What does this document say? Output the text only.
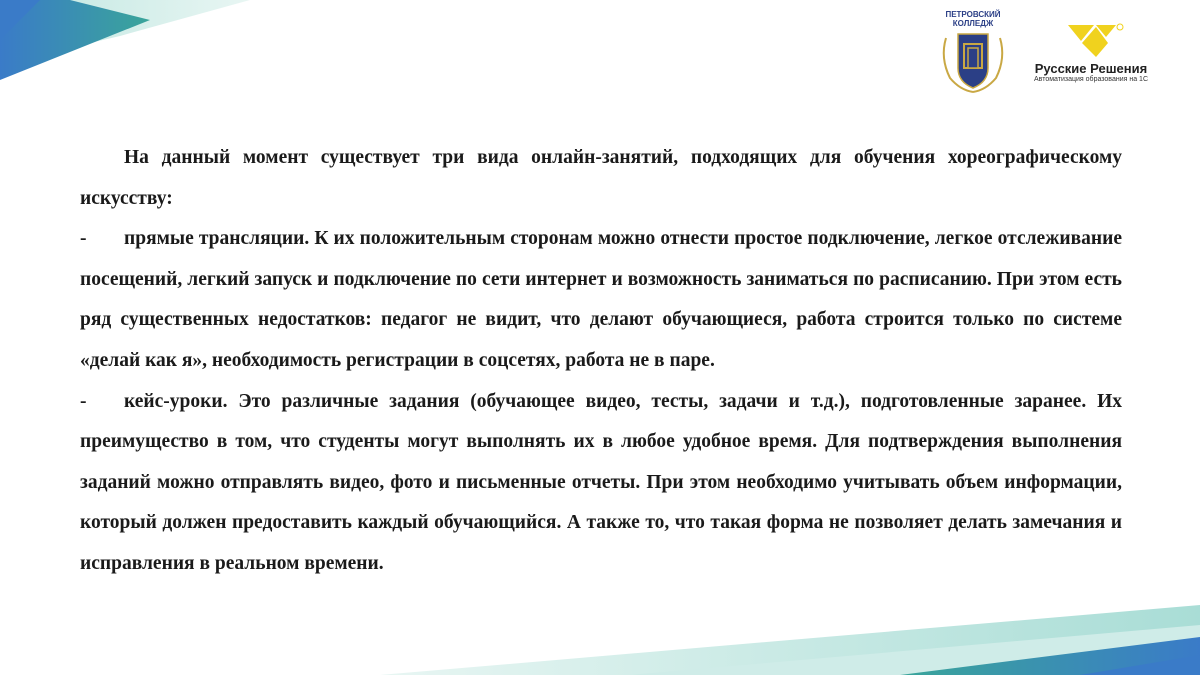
ПЕТРОВСКИЙ
КОЛЛЕДЖ
Русские Решения
Автоматизация образования на 1С

На данный момент существует три вида онлайн-занятий, подходящих для обучения хореографическому искусству:

- прямые трансляции. К их положительным сторонам можно отнести простое подключение, легкое отслеживание посещений, легкий запуск и подключение по сети интернет и возможность заниматься по расписанию. При этом есть ряд существенных недостатков: педагог не видит, что делают обучающиеся, работа строится только по системе «делай как я», необходимость регистрации в соцсетях, работа не в паре.

- кейс-уроки. Это различные задания (обучающее видео, тесты, задачи и т.д.), подготовленные заранее. Их преимущество в том, что студенты могут выполнять их в любое удобное время. Для подтверждения выполнения заданий можно отправлять видео, фото и письменные отчеты. При этом необходимо учитывать объем информации, который должен предоставить каждый обучающийся. А также то, что такая форма не позволяет делать замечания и исправления в реальном времени.
